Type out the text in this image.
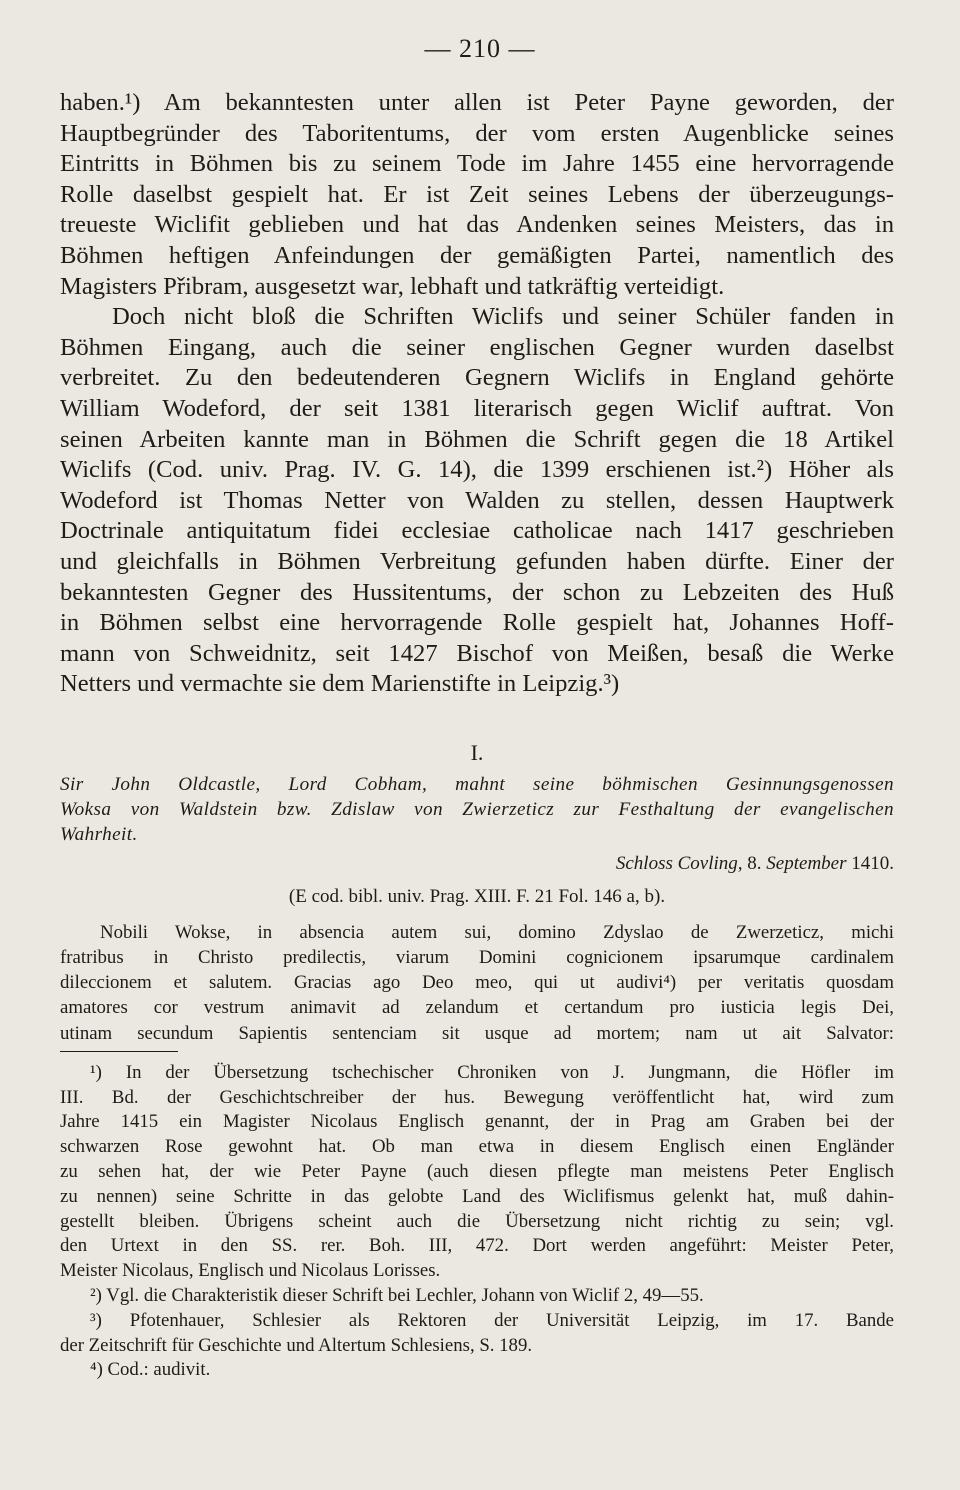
— 210 —
haben.¹) Am bekanntesten unter allen ist Peter Payne geworden, der
Hauptbegründer des Taboritentums, der vom ersten Augenblicke seines
Eintritts in Böhmen bis zu seinem Tode im Jahre 1455 eine hervorragende
Rolle daselbst gespielt hat. Er ist Zeit seines Lebens der überzeugungs-
treueste Wiclifit geblieben und hat das Andenken seines Meisters, das in
Böhmen heftigen Anfeindungen der gemäßigten Partei, namentlich des
Magisters Přibram, ausgesetzt war, lebhaft und tatkräftig verteidigt.
Doch nicht bloß die Schriften Wiclifs und seiner Schüler fanden in
Böhmen Eingang, auch die seiner englischen Gegner wurden daselbst
verbreitet. Zu den bedeutenderen Gegnern Wiclifs in England gehörte
William Wodeford, der seit 1381 literarisch gegen Wiclif auftrat. Von
seinen Arbeiten kannte man in Böhmen die Schrift gegen die 18 Artikel
Wiclifs (Cod. univ. Prag. IV. G. 14), die 1399 erschienen ist.²) Höher als
Wodeford ist Thomas Netter von Walden zu stellen, dessen Hauptwerk
Doctrinale antiquitatum fidei ecclesiae catholicae nach 1417 geschrieben
und gleichfalls in Böhmen Verbreitung gefunden haben dürfte. Einer der
bekanntesten Gegner des Hussitentums, der schon zu Lebzeiten des Huß
in Böhmen selbst eine hervorragende Rolle gespielt hat, Johannes Hoff-
mann von Schweidnitz, seit 1427 Bischof von Meißen, besaß die Werke
Netters und vermachte sie dem Marienstifte in Leipzig.³)
I.
Sir John Oldcastle, Lord Cobham, mahnt seine böhmischen Gesinnungsgenossen
Woksa von Waldstein bzw. Zdislaw von Zwierzeticz zur Festhaltung der evangelischen
Wahrheit.
Schloss Covling, 8. September 1410.
(E cod. bibl. univ. Prag. XIII. F. 21 Fol. 146 a, b).
Nobili Wokse, in absencia autem sui, domino Zdyslao de Zwerzeticz, michi
fratribus in Christo predilectis, viarum Domini cognicionem ipsarumque cardinalem
dileccionem et salutem. Gracias ago Deo meo, qui ut audivi⁴) per veritatis quosdam
amatores cor vestrum animavit ad zelandum et certandum pro iusticia legis Dei,
utinam secundum Sapientis sentenciam sit usque ad mortem; nam ut ait Salvator:
¹) In der Übersetzung tschechischer Chroniken von J. Jungmann, die Höfler im
III. Bd. der Geschichtschreiber der hus. Bewegung veröffentlicht hat, wird zum
Jahre 1415 ein Magister Nicolaus Englisch genannt, der in Prag am Graben bei der
schwarzen Rose gewohnt hat. Ob man etwa in diesem Englisch einen Engländer
zu sehen hat, der wie Peter Payne (auch diesen pflegte man meistens Peter Englisch
zu nennen) seine Schritte in das gelobte Land des Wiclifismus gelenkt hat, muß dahin-
gestellt bleiben. Übrigens scheint auch die Übersetzung nicht richtig zu sein; vgl.
den Urtext in den SS. rer. Boh. III, 472. Dort werden angeführt: Meister Peter,
Meister Nicolaus, Englisch und Nicolaus Lorisses.
²) Vgl. die Charakteristik dieser Schrift bei Lechler, Johann von Wiclif 2, 49—55.
³) Pfotenhauer, Schlesier als Rektoren der Universität Leipzig, im 17. Bande
der Zeitschrift für Geschichte und Altertum Schlesiens, S. 189.
⁴) Cod.: audivit.
